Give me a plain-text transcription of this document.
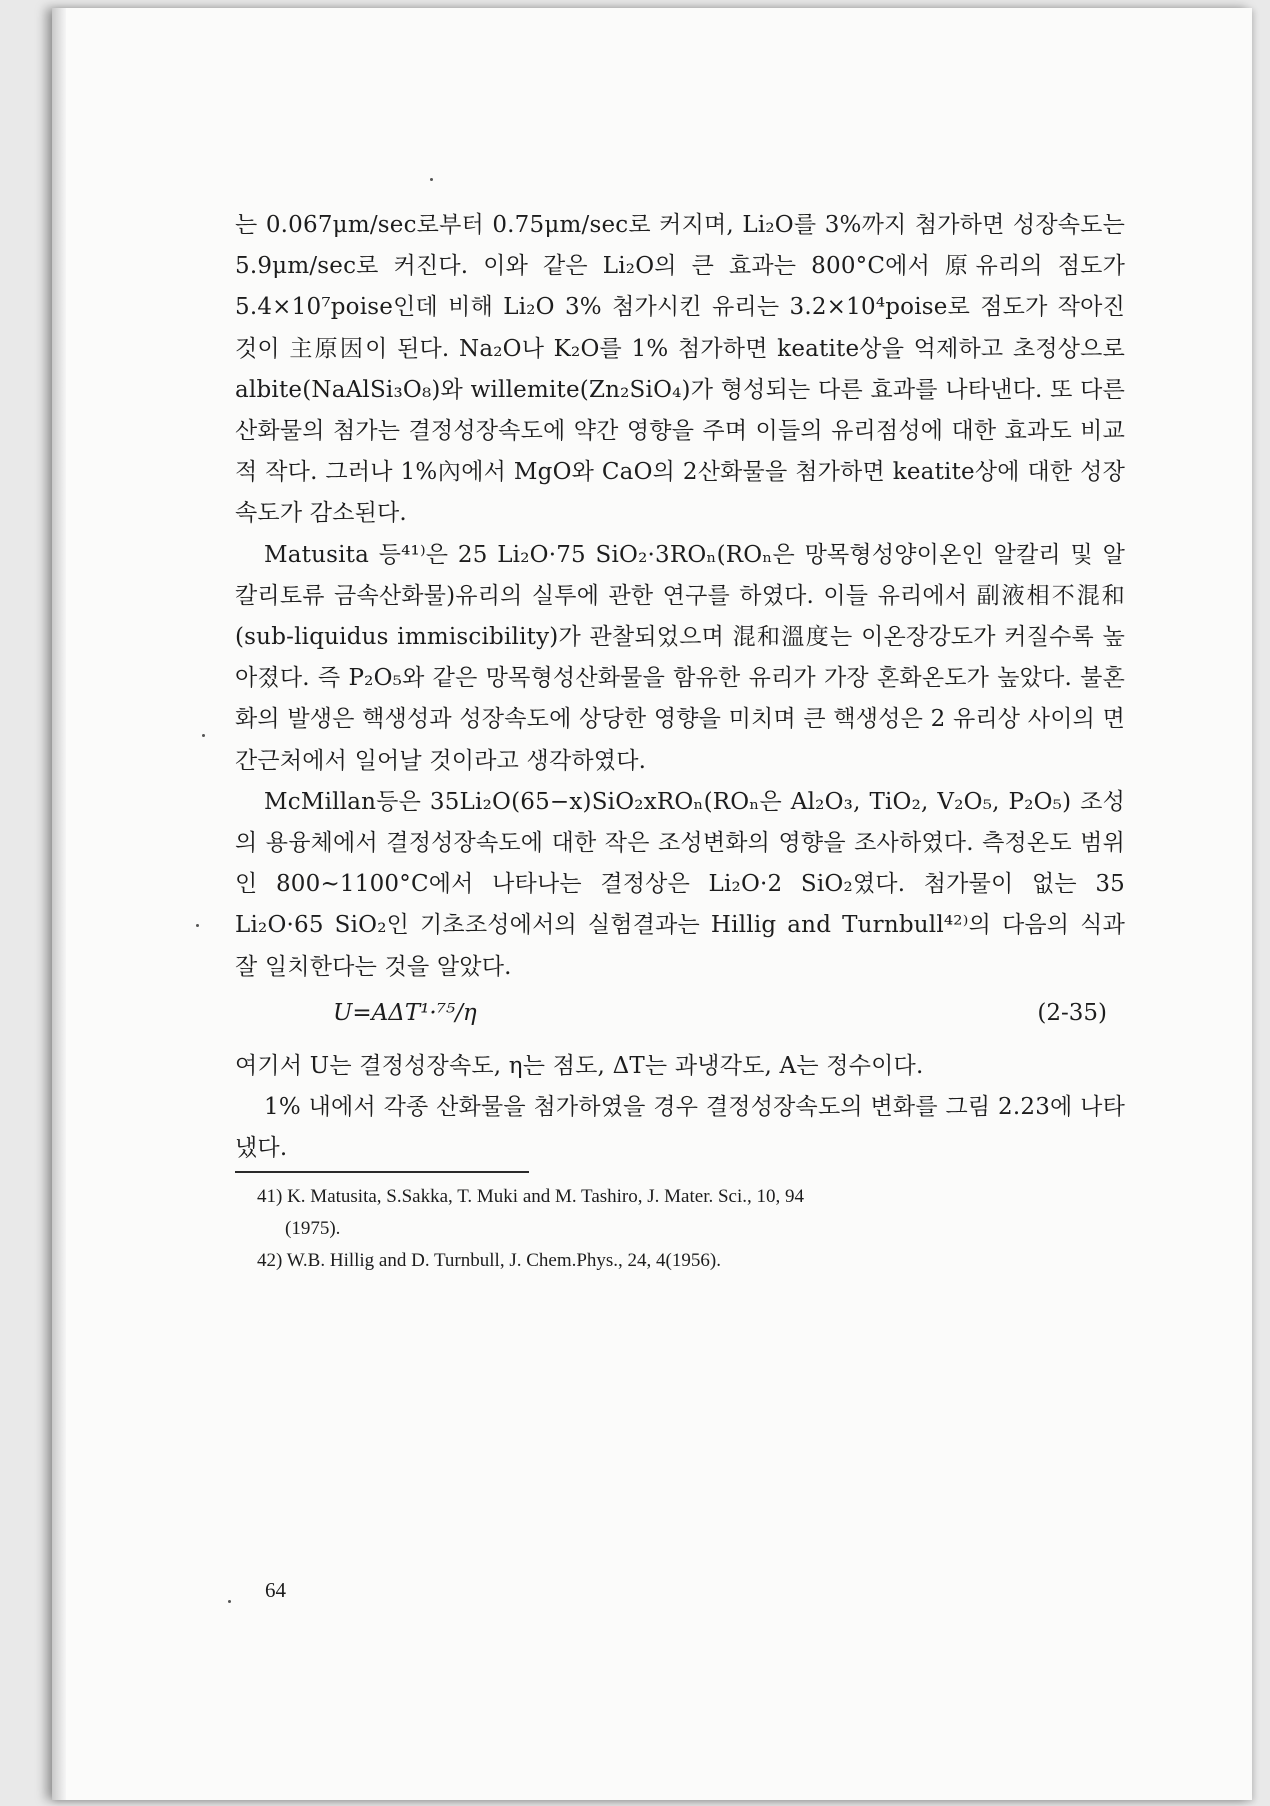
는 0.067μm/sec로부터 0.75μm/sec로 커지며, Li₂O를 3%까지 첨가하면 성장속도는 5.9μm/sec로 커진다. 이와 같은 Li₂O의 큰 효과는 800°C에서 原유리의 점도가 5.4×10⁷poise인데 비해 Li₂O 3% 첨가시킨 유리는 3.2×10⁴poise로 점도가 작아진 것이 主原因이 된다. Na₂O나 K₂O를 1% 첨가하면 keatite상을 억제하고 초정상으로 albite(NaAlSi₃O₈)와 willemite(Zn₂SiO₄)가 형성되는 다른 효과를 나타낸다. 또 다른 산화물의 첨가는 결정성장속도에 약간 영향을 주며 이들의 유리점성에 대한 효과도 비교적 작다. 그러나 1%內에서 MgO와 CaO의 2산화물을 첨가하면 keatite상에 대한 성장속도가 감소된다.

Matusita 등⁴¹⁾은 25 Li₂O·75 SiO₂·3ROₙ(ROₙ은 망목형성양이온인 알칼리 및 알칼리토류 금속산화물)유리의 실투에 관한 연구를 하였다. 이들 유리에서 副液相不混和(sub-liquidus immiscibility)가 관찰되었으며 混和溫度는 이온장강도가 커질수록 높아졌다. 즉 P₂O₅와 같은 망목형성산화물을 함유한 유리가 가장 혼화온도가 높았다. 불혼화의 발생은 핵생성과 성장속도에 상당한 영향을 미치며 큰 핵생성은 2 유리상 사이의 면간근처에서 일어날 것이라고 생각하였다.

McMillan등은 35Li₂O(65−x)SiO₂xROₙ(ROₙ은 Al₂O₃, TiO₂, V₂O₅, P₂O₅) 조성의 용융체에서 결정성장속도에 대한 작은 조성변화의 영향을 조사하였다. 측정온도 범위인 800~1100°C에서 나타나는 결정상은 Li₂O·2 SiO₂였다. 첨가물이 없는 35 Li₂O·65 SiO₂인 기초조성에서의 실험결과는 Hillig and Turnbull⁴²⁾의 다음의 식과 잘 일치한다는 것을 알았다.

U=AΔT¹·⁷⁵/η	(2-35)

여기서 U는 결정성장속도, η는 점도, ΔT는 과냉각도, A는 정수이다.

1% 내에서 각종 산화물을 첨가하였을 경우 결정성장속도의 변화를 그림 2.23에 나타냈다.

41) K. Matusita, S.Sakka, T. Muki and M. Tashiro, J. Mater. Sci., 10, 94
(1975).

42) W.B. Hillig and D. Turnbull, J. Chem.Phys., 24, 4(1956).

64
